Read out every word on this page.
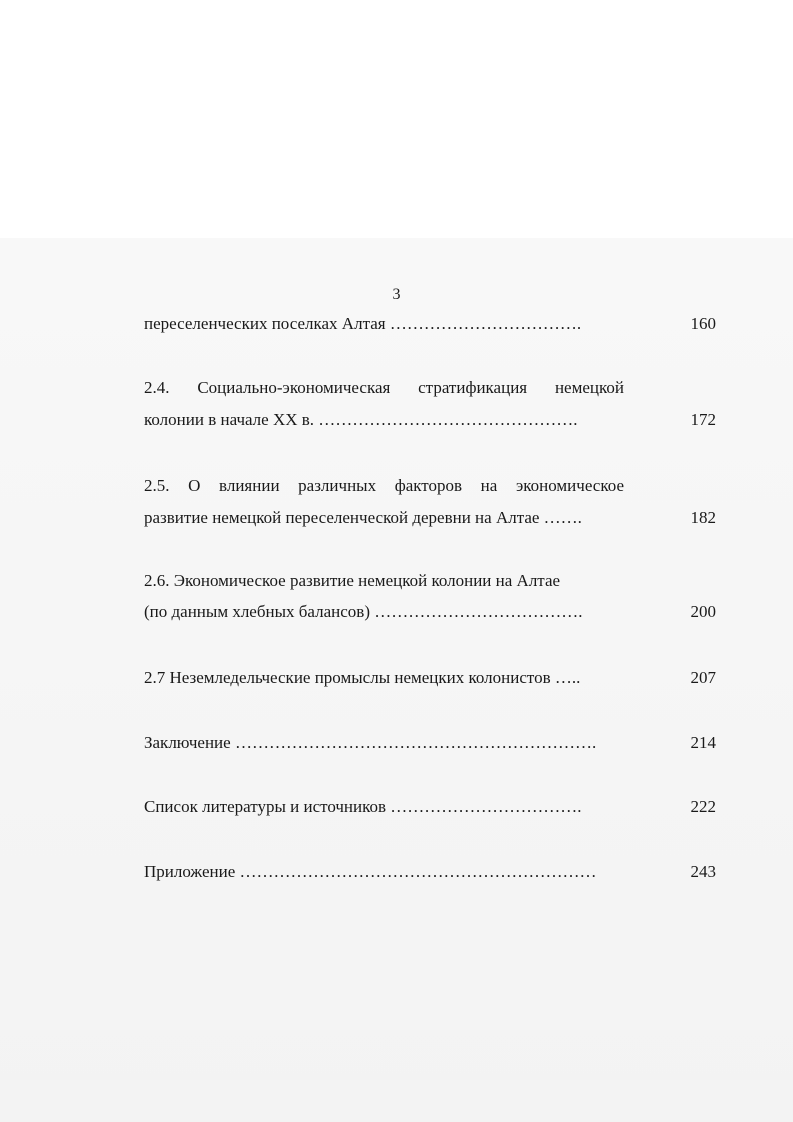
3
переселенческих поселках Алтая …………………………….	160
2.4. Социально-экономическая стратификация немецкой
колонии в начале XX в. ……………………………………….	172
2.5. О влиянии различных факторов на экономическое
развитие немецкой переселенческой деревни на Алтае …….	182
2.6. Экономическое развитие немецкой колонии на Алтае
(по данным хлебных балансов) ……………………………….	200
2.7 Неземледельческие промыслы немецких колонистов …..	207
Заключение ……………………………………………………….	214
Список литературы и источников …………………………….	222
Приложение ………………………………………………………	243
